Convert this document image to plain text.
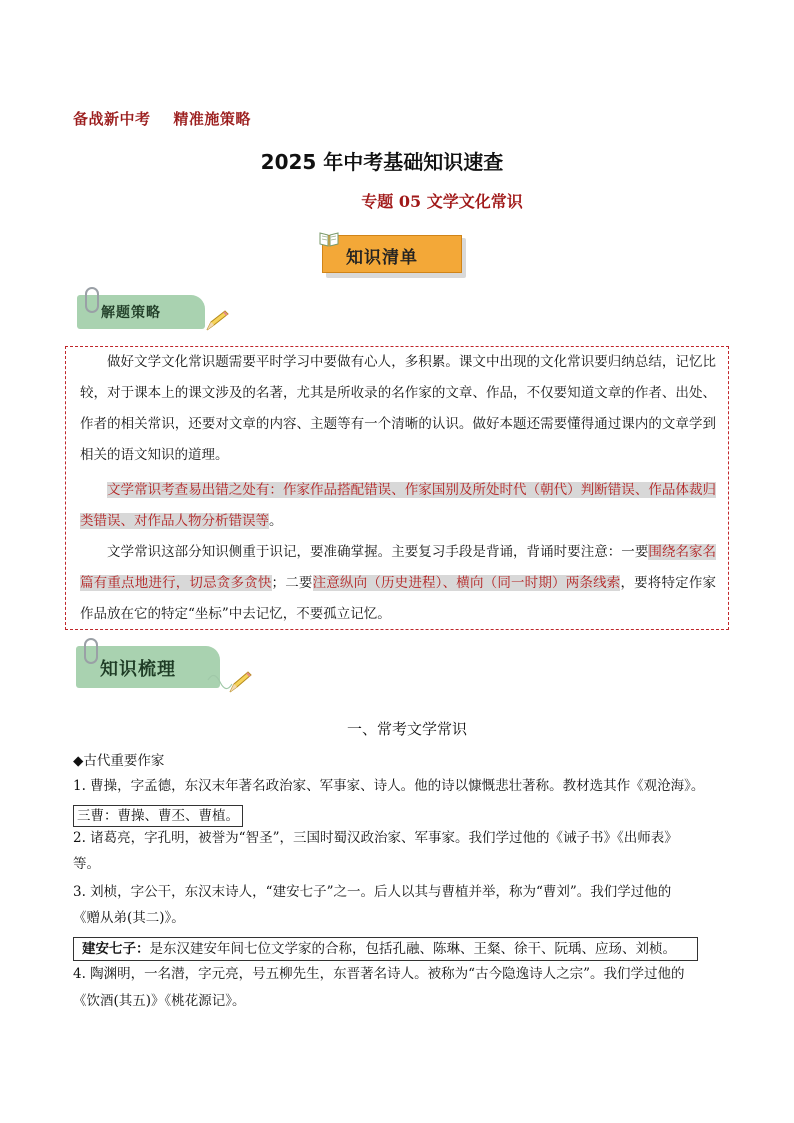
备战新中考    精准施策略
2025 年中考基础知识速查
专题 05 文学文化常识
知识清单
解题策略
做好文学文化常识题需要平时学习中要做有心人，多积累。课文中出现的文化常识要归纳总结，记忆比较，对于课本上的课文涉及的名著，尤其是所收录的名作家的文章、作品，不仅要知道文章的作者、出处、作者的相关常识，还要对文章的内容、主题等有一个清晰的认识。做好本题还需要懂得通过课内的文章学到相关的语文知识的道理。
文学常识考查易出错之处有：作家作品搭配错误、作家国别及所处时代（朝代）判断错误、作品体裁归类错误、对作品人物分析错误等。
文学常识这部分知识侧重于识记，要准确掌握。主要复习手段是背诵，背诵时要注意：一要围绕名家名篇有重点地进行，切忌贪多贪快；二要注意纵向（历史进程）、横向（同一时期）两条线索，要将特定作家作品放在它的特定“坐标”中去记忆，不要孤立记忆。
知识梳理
一、常考文学常识
◆古代重要作家
1. 曹操，字孟德，东汉末年著名政治家、军事家、诗人。他的诗以慷慨悲壮著称。教材选其作《观沧海》。
三曹：曹操、曹丕、曹植。
2. 诸葛亮，字孔明，被誉为“智圣”，三国时蜀汉政治家、军事家。我们学过他的《诫子书》《出师表》
等。
3. 刘桢，字公干，东汉末诗人，“建安七子”之一。后人以其与曹植并举，称为“曹刘”。我们学过他的
《赠从弟(其二)》。
建安七子：是东汉建安年间七位文学家的合称，包括孔融、陈琳、王粲、徐干、阮瑀、应玚、刘桢。
4. 陶渊明，一名潜，字元亮，号五柳先生，东晋著名诗人。被称为“古今隐逸诗人之宗”。我们学过他的
《饮酒(其五)》《桃花源记》。
